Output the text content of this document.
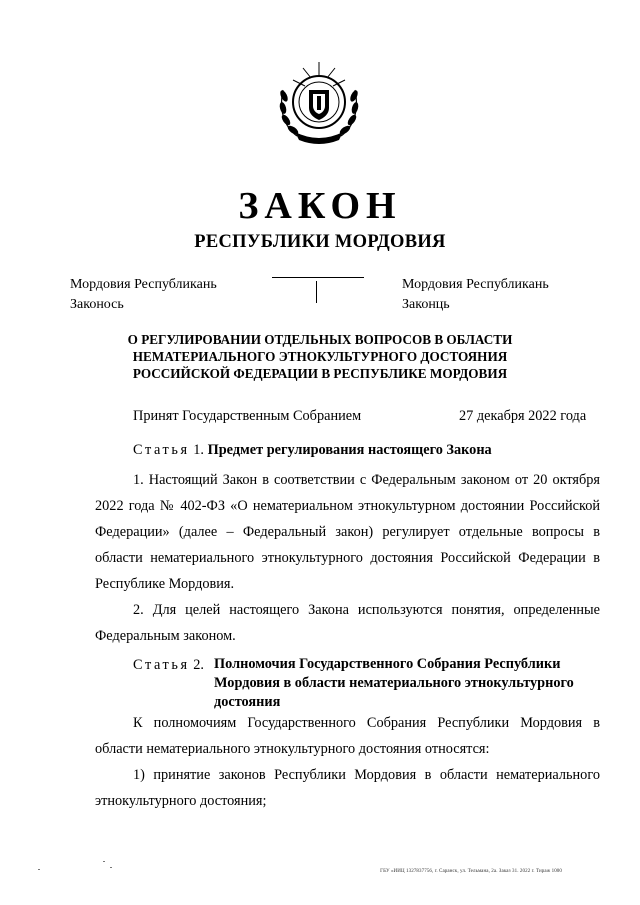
ЗАКОН
РЕСПУБЛИКИ МОРДОВИЯ
Мордовия Республикань
Законось
Мордовия Республикань
Законць
О РЕГУЛИРОВАНИИ ОТДЕЛЬНЫХ ВОПРОСОВ В ОБЛАСТИ
НЕМАТЕРИАЛЬНОГО ЭТНОКУЛЬТУРНОГО ДОСТОЯНИЯ
РОССИЙСКОЙ ФЕДЕРАЦИИ В РЕСПУБЛИКЕ МОРДОВИЯ
Принят Государственным Собранием	27 декабря 2022 года
Статья 1. Предмет регулирования настоящего Закона
1. Настоящий Закон в соответствии с Федеральным законом от 20 октября 2022 года № 402-ФЗ «О нематериальном этнокультурном достоянии Российской Федерации» (далее – Федеральный закон) регулирует отдельные вопросы в области нематериального этнокультурного достояния Российской Федерации в Республике Мордовия.
2. Для целей настоящего Закона используются понятия, определенные Федеральным законом.
Статья 2. Полномочия Государственного Собрания Республики
Мордовия в области нематериального этнокультурного
достояния
К полномочиям Государственного Собрания Республики Мордовия в области нематериального этнокультурного достояния относятся:
1) принятие законов Республики Мордовия в области нематериального этнокультурного достояния;
ГБУ «ИИЦ 1327837756, г. Саранск, ул. Тельмана, 2а. Заказ 31. 2022 г. Тираж 1000
